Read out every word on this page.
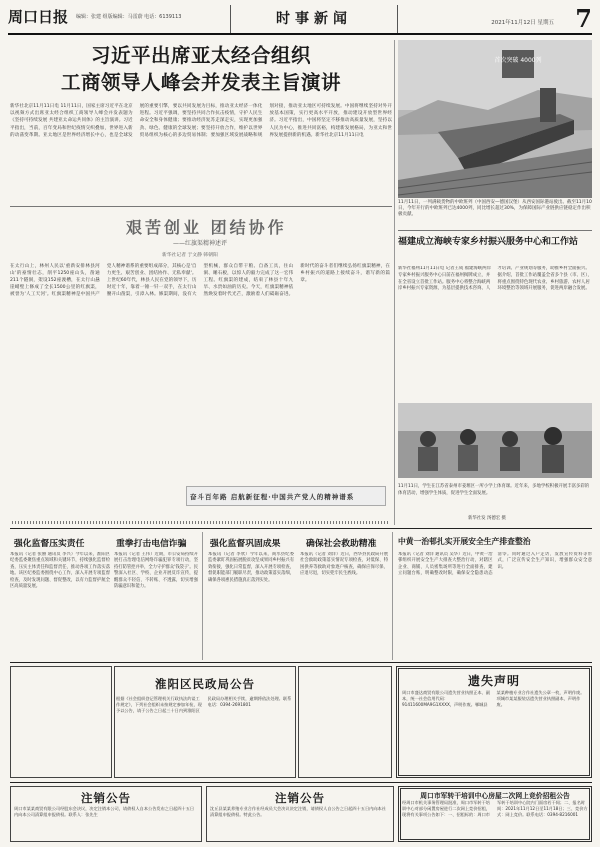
周口日报 编辑：张建 组版编辑：马雷蔚 电话：6139113	时事新闻	2021年11月12日 星期五 7
习近平出席亚太经合组织
工商领导人峰会并发表主旨演讲
新华社北京11月11日电 11月11日，国家主席习近平在北京以视频方式出席亚太经合组织工商领导人峰会并发表题为《坚持可持续发展 共建亚太命运共同体》的主旨演讲。习近平指出，当前，百年变局和世纪疫情交织叠加，世界进入新的动荡变革期。亚太地区是世界经济增长中心，也是全球发展的重要引擎，要以共同发展为目标，推动亚太经济一体化进程。习近平强调，要坚持共同合作抗击疫情，守护人民生命安全和身体健康；要推动经济复苏走深走实，实现更加强劲、绿色、健康的全球发展；要坚持开放合作，维护以世界贸易组织为核心的多边贸易体制；要加强区域发展战略和规划对接，推动亚太地区可持续发展。中国将继续坚持对外开放基本国策，实行更高水平开放，推动建设开放型世界经济。习近平指出，中国将坚定不移推动高质量发展，坚持以人民为中心，推进共同富裕，构建新发展格局，为亚太和世界发展提供新的机遇。新华社北京11月11日电
首次突破 4000列
11月11日，一列满载货物的中欧班列（中国西安—德国汉堡）从西安国际港站驶出。截至11月10日，今年开行的中欧班列已达4000列，同比增长超过30%，为保障国际产业链供应链稳定作出积极贡献。
艰苦创业 团结协作
——红旗渠精神述评
新华社记者 于文静 韩朝阳
在太行山上，林州人民以'重新安排林县河山'的豪情壮志，削平1250座山头，凿通211个隧洞，架设152座渡槽，在太行山悬崖峭壁上修成了全长1500公里的红旗渠，被誉为'人工天河'。红旗渠精神是中国共产党人精神谱系的重要组成部分，其核心是'自力更生、艰苦创业、团结协作、无私奉献'。上世纪60年代，林县人民在党的领导下，历时近十年，靠着一锤一钎一双手，在太行山腰开山凿渠，引漳入林。修渠期间，没有大型机械，群众自带干粮、自备工具，住山洞、睡石板，以惊人的毅力完成了这一宏伟工程。红旗渠的建成，结束了林县十年九旱、水贵如油的历史。今天，红旗渠精神依然焕发着时代光芒，激励着人们砥砺奋进。新时代的奋斗者们继续弘扬红旗渠精神，在乡村振兴的道路上接续奋斗，谱写新的篇章。
奋斗百年路 启航新征程·中国共产党人的精神谱系
福建成立海峡专家乡村振兴服务中心和工作站
新华社福州11月11日电 记者王成 福建海峡两岸专家乡村振兴服务中心日前在福州揭牌成立，并在全省设立首批工作站。服务中心将整合海峡两岸乡村振兴专家资源，为基层提供技术咨询、人才培训、产业规划等服务，助推乡村全面振兴。据介绍，首批工作站覆盖全省多个县（市、区），将重点围绕特色现代农业、乡村旅游、农村人居环境整治等领域开展服务，促进两岸融合发展。
11月11日，学生在江苏省泰州市姜堰区一所小学上体育课。近年来，多地学校积极开展丰富多彩的体育活动，增强学生体质，促进学生全面发展。
新华社发 汤德宏 摄
强化监督压实责任
本报讯（记者 张丽 通讯员 李兴）今年以来，淮阳区纪委监委聚焦重点领域和关键环节，持续强化监督检查，压实主体责任和监督责任，推动各项工作落实落地。该区纪委监委围绕中心工作，深入开展专项监督检查，及时发现问题、督促整改，以有力监督护航全区高质量发展。
重拳打击电信诈骗
本报讯（记者 王伟）近期，市公安局持续开展打击治理电信网络诈骗犯罪专项行动，坚持打防管控并举，全力守护群众'钱袋子'。民警深入社区、学校、企业开展反诈宣传，提醒群众不轻信、不转账、不透露，切实增强防骗意识和能力。
强化监督巩固成果
本报讯（记者 李欣）今年以来，商水县纪委监委紧盯巩固拓展脱贫攻坚成果同乡村振兴有效衔接，强化日常监督，深入开展专项检查，督促职能部门履职尽责，推动政策落实落细，确保各项惠民措施真正落到实处。
确保社会救助精准
本报讯（记者 刘洋）近日，西华县民政局开展社会救助政策落实情况专项检查，对低保、特困供养等救助对象逐户核查，确保应保尽保、应退尽退，切实兜牢民生底线。
中黄一治邨扎实开展安全生产排查整治
本报讯（记者 刘洋 通讯员 吴华）近日，中黄一治邨组织开展安全生产大排查大整治行动，对辖区企业、商铺、人员密集场所等进行全面排查，建立问题台账，明确整改时限，确保安全隐患动态清零。同时通过入户走访、发放宣传资料等形式，广泛宣传安全生产知识，增强群众安全意识。
淮阳区民政局公告
根据《社会组织登记管理机关行政执法约谈工作规定》，下列社会组织未按规定参加年检，现予以公告，请于公告之日起三十日内到淮阳区民政局办理相关手续，逾期将依法处理。联系电话：0394-2691801
遗失声明
周口市盛达商贸有限公司遗失营业执照正本、副本，统一社会信用代码：91411600MA9G1XXXX，声明作废。郸城县某某种植专业合作社遗失公章一枚，声明作废。项城市某某服装店遗失营业执照副本，声明作废。
注销公告
周口市某某商贸有限公司经股东会决议，决定注销本公司，请债权人自本公告发布之日起四十五日内向本公司清算组申报债权。联系人：张先生
注销公告
沈丘县某某养殖专业合作社经成员大会决议决定注销，请债权人自公告之日起四十五日内向本社清算组申报债权。特此公告。
周口市军转干培训中心房屋二次网上竞价招租公告
经周口市机关事务管理局批准，周口市军转干培训中心对部分闲置房屋进行二次网上竞价招租，现将有关事项公告如下：一、招租标的：周口市军转干培训中心院内门面房若干间；二、报名时间：2021年11月12日至11月18日；三、竞价方式：网上竞价。联系电话：0394-8216001
